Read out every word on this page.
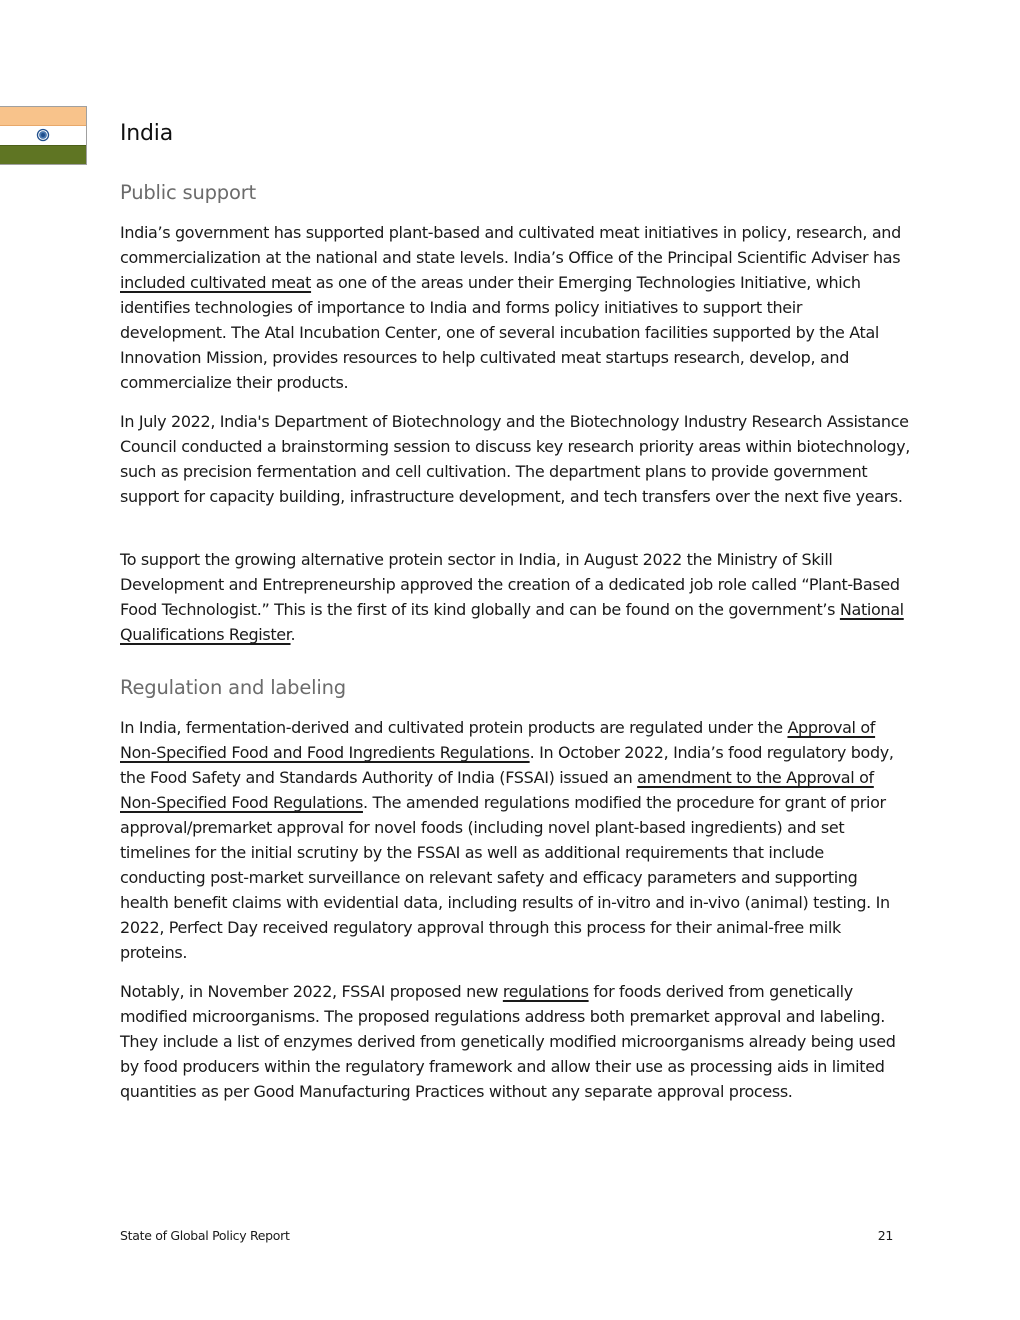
India
Public support

India’s government has supported plant-based and cultivated meat initiatives in policy, research, and commercialization at the national and state levels. India’s Office of the Principal Scientific Adviser has included cultivated meat as one of the areas under their Emerging Technologies Initiative, which identifies technologies of importance to India and forms policy initiatives to support their development. The Atal Incubation Center, one of several incubation facilities supported by the Atal Innovation Mission, provides resources to help cultivated meat startups research, develop, and commercialize their products.

In July 2022, India's Department of Biotechnology and the Biotechnology Industry Research Assistance Council conducted a brainstorming session to discuss key research priority areas within biotechnology, such as precision fermentation and cell cultivation. The department plans to provide government support for capacity building, infrastructure development, and tech transfers over the next five years.

To support the growing alternative protein sector in India, in August 2022 the Ministry of Skill Development and Entrepreneurship approved the creation of a dedicated job role called “Plant-Based Food Technologist.” This is the first of its kind globally and can be found on the government’s National Qualifications Register.

Regulation and labeling

In India, fermentation-derived and cultivated protein products are regulated under the Approval of Non-Specified Food and Food Ingredients Regulations. In October 2022, India’s food regulatory body, the Food Safety and Standards Authority of India (FSSAI) issued an amendment to the Approval of Non-Specified Food Regulations. The amended regulations modified the procedure for grant of prior approval/premarket approval for novel foods (including novel plant-based ingredients) and set timelines for the initial scrutiny by the FSSAI as well as additional requirements that include conducting post-market surveillance on relevant safety and efficacy parameters and supporting health benefit claims with evidential data, including results of in-vitro and in-vivo (animal) testing. In 2022, Perfect Day received regulatory approval through this process for their animal-free milk proteins.

Notably, in November 2022, FSSAI proposed new regulations for foods derived from genetically modified microorganisms. The proposed regulations address both premarket approval and labeling. They include a list of enzymes derived from genetically modified microorganisms already being used by food producers within the regulatory framework and allow their use as processing aids in limited quantities as per Good Manufacturing Practices without any separate approval process.

State of Global Policy Report	21
